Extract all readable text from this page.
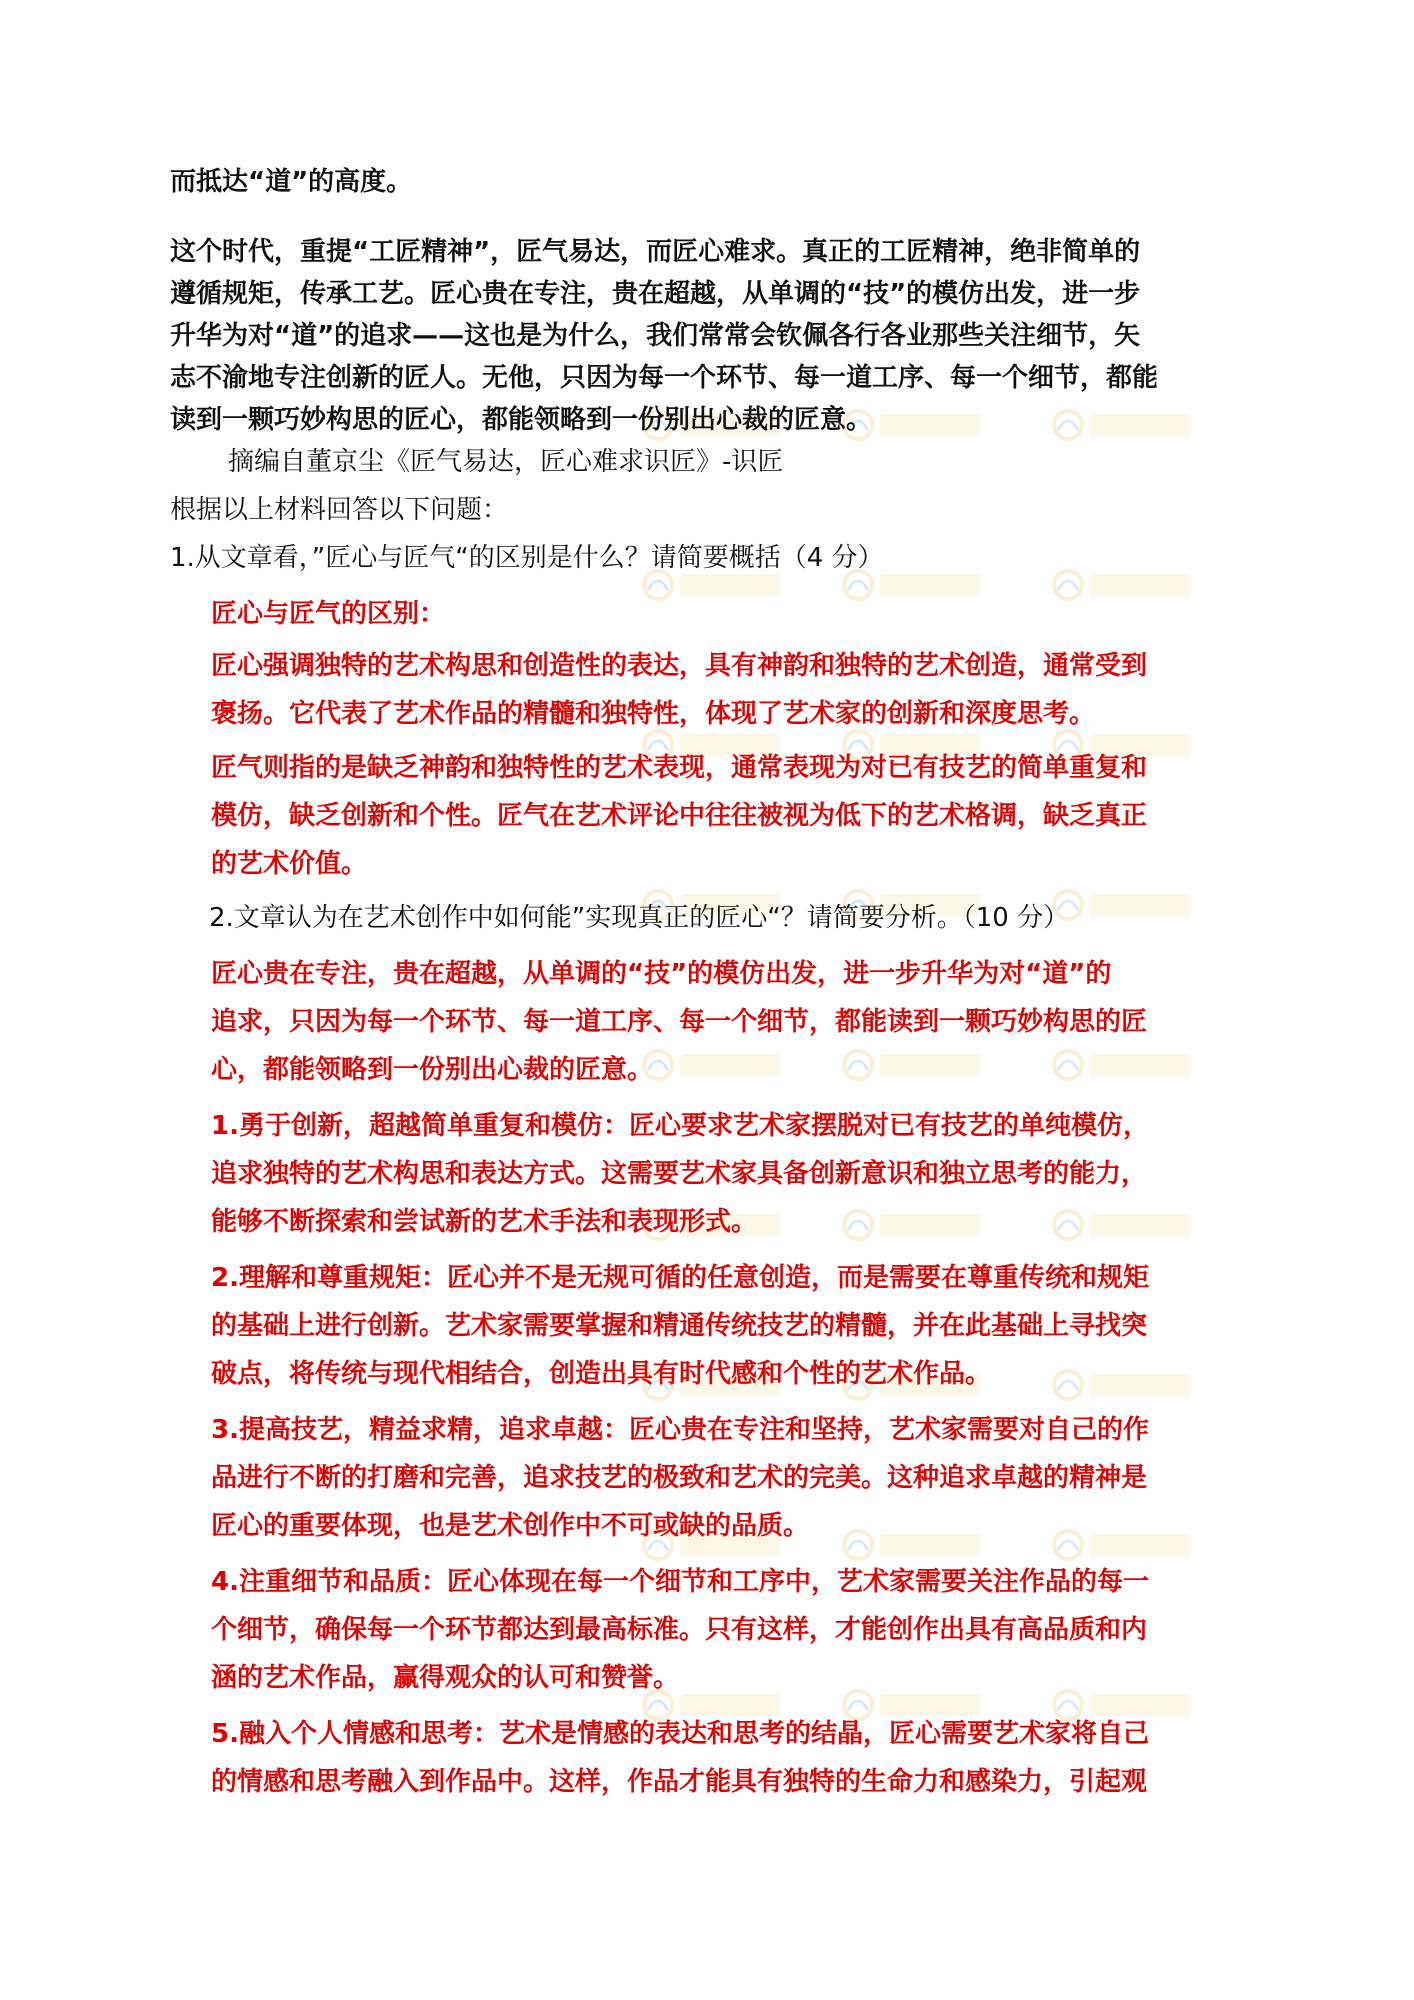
而抵达“道”的高度。
这个时代，重提“工匠精神”，匠气易达，而匠心难求。真正的工匠精神，绝非简单的
遵循规矩，传承工艺。匠心贵在专注，贵在超越，从单调的“技”的模仿出发，进一步
升华为对“道”的追求——这也是为什么，我们常常会钦佩各行各业那些关注细节，矢
志不渝地专注创新的匠人。无他，只因为每一个环节、每一道工序、每一个细节，都能
读到一颗巧妙构思的匠心，都能领略到一份别出心裁的匠意。
摘编自董京尘《匠气易达，匠心难求识匠》-识匠
根据以上材料回答以下问题：
1.从文章看，”匠心与匠气“的区别是什么？请简要概括（4 分）
匠心与匠气的区别：
匠心强调独特的艺术构思和创造性的表达，具有神韵和独特的艺术创造，通常受到
褒扬。它代表了艺术作品的精髓和独特性，体现了艺术家的创新和深度思考。
匠气则指的是缺乏神韵和独特性的艺术表现，通常表现为对已有技艺的简单重复和
模仿，缺乏创新和个性。匠气在艺术评论中往往被视为低下的艺术格调，缺乏真正
的艺术价值。
2.文章认为在艺术创作中如何能”实现真正的匠心“？请简要分析。（10 分）
匠心贵在专注，贵在超越，从单调的“技”的模仿出发，进一步升华为对“道”的
追求，只因为每一个环节、每一道工序、每一个细节，都能读到一颗巧妙构思的匠
心，都能领略到一份别出心裁的匠意。
1.勇于创新，超越简单重复和模仿：匠心要求艺术家摆脱对已有技艺的单纯模仿，
追求独特的艺术构思和表达方式。这需要艺术家具备创新意识和独立思考的能力，
能够不断探索和尝试新的艺术手法和表现形式。
2.理解和尊重规矩：匠心并不是无规可循的任意创造，而是需要在尊重传统和规矩
的基础上进行创新。艺术家需要掌握和精通传统技艺的精髓，并在此基础上寻找突
破点，将传统与现代相结合，创造出具有时代感和个性的艺术作品。
3.提高技艺，精益求精，追求卓越：匠心贵在专注和坚持，艺术家需要对自己的作
品进行不断的打磨和完善，追求技艺的极致和艺术的完美。这种追求卓越的精神是
匠心的重要体现，也是艺术创作中不可或缺的品质。
4.注重细节和品质：匠心体现在每一个细节和工序中，艺术家需要关注作品的每一
个细节，确保每一个环节都达到最高标准。只有这样，才能创作出具有高品质和内
涵的艺术作品，赢得观众的认可和赞誉。
5.融入个人情感和思考：艺术是情感的表达和思考的结晶，匠心需要艺术家将自己
的情感和思考融入到作品中。这样，作品才能具有独特的生命力和感染力，引起观
